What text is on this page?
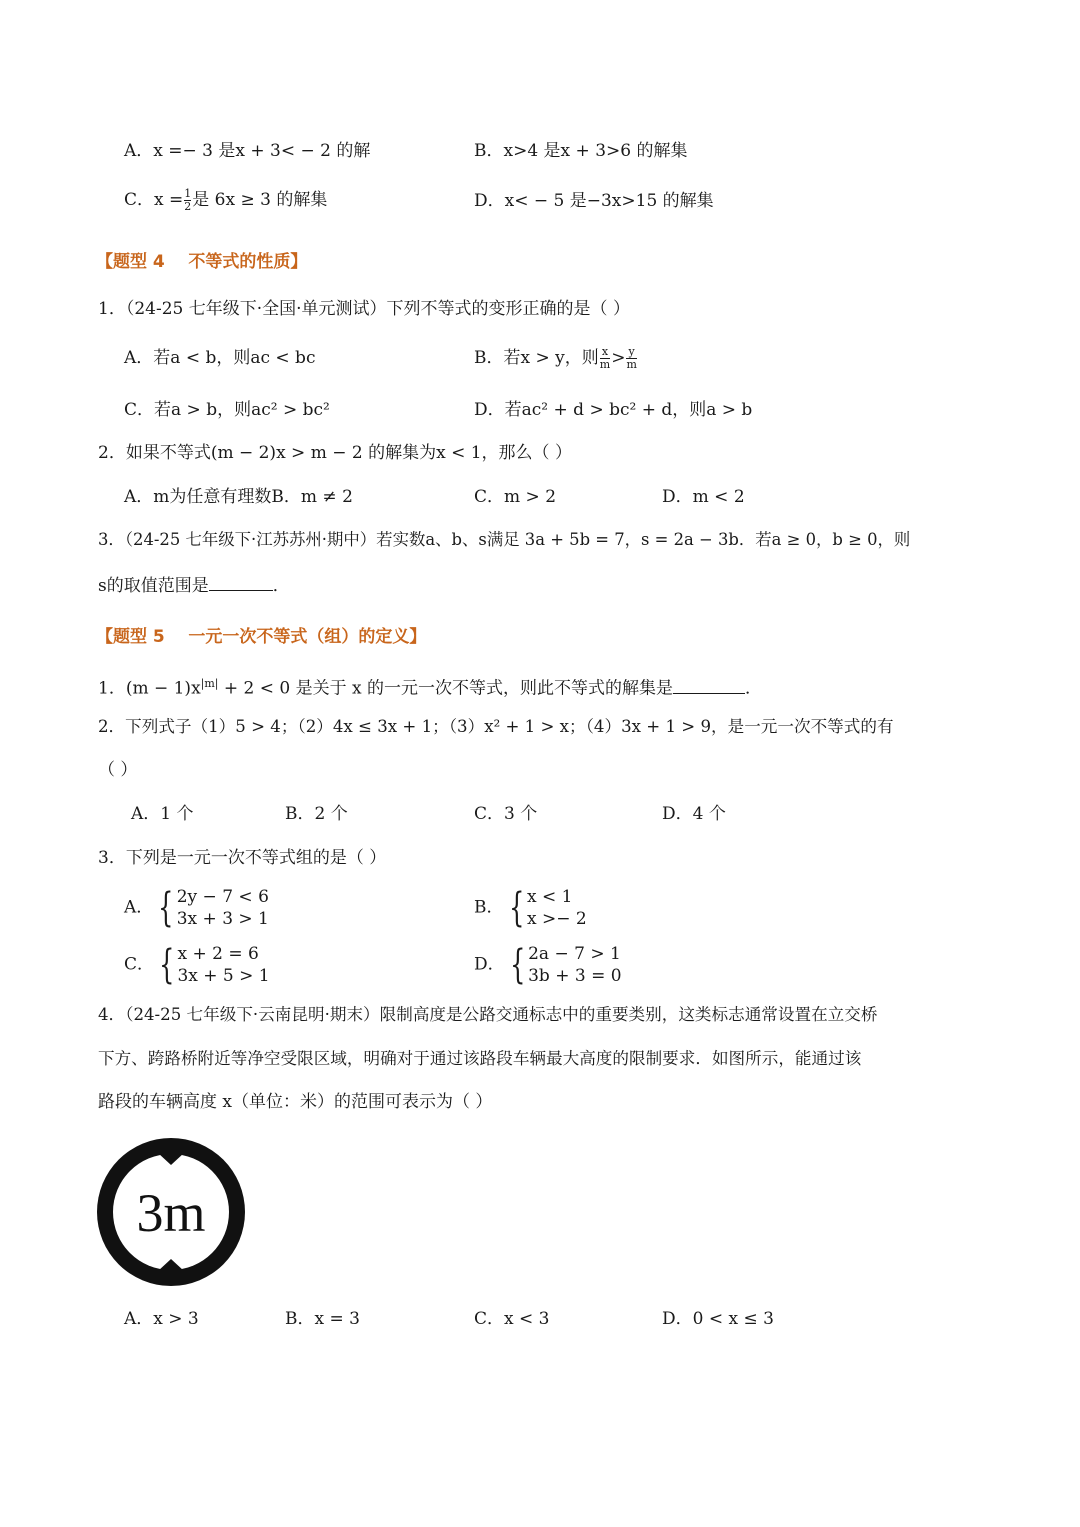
A．x =− 3 是x + 3< − 2 的解	B．x>4 是x + 3>6 的解集
C．$x = \frac{1}{2}$ 是 6x ≥ 3 的解集	D．x< − 5 是−3x>15 的解集
【题型 4    不等式的性质】
1．（24-25 七年级下·全国·单元测试）下列不等式的变形正确的是（ ）
A．若a < b，则ac < bc	B．若x > y，则 $\frac{x}{m} > \frac{y}{m}$
C．若a > b，则ac² > bc²	D．若ac² + d > bc² + d，则a > b
2．如果不等式(m − 2)x > m − 2 的解集为x < 1，那么（ ）
A．m为任意有理数B．m ≠ 2	C．m > 2	D．m < 2
3．（24-25 七年级下·江苏苏州·期中）若实数a、b、s满足 3a + 5b = 7，s = 2a − 3b．若a ≥ 0，b ≥ 0，则
s的取值范围是	．
【题型 5    一元一次不等式（组）的定义】
1．$(m - 1)x^{|m|} + 2 < 0$ 是关于 x 的一元一次不等式，则此不等式的解集是	．
2．下列式子（1）5 > 4；（2）4x ≤ 3x + 1；（3）x² + 1 > x；（4）3x + 1 > 9，是一元一次不等式的有
（ ）
A．1 个	B．2 个	C．3 个	D．4 个
3．下列是一元一次不等式组的是（ ）
A． { 2y − 7 < 6
3x + 3 > 1
B． { x < 1
x >− 2
C． { x + 2 = 6
3x + 5 > 1
D． { 2a − 7 > 1
3b + 3 = 0
4．（24-25 七年级下·云南昆明·期末）限制高度是公路交通标志中的重要类别，这类标志通常设置在立交桥
下方、跨路桥附近等净空受限区域，明确对于通过该路段车辆最大高度的限制要求．如图所示，能通过该
路段的车辆高度 x（单位：米）的范围可表示为（ ）
3m
A．x > 3	B．x = 3	C．x < 3	D．0 < x ≤ 3
